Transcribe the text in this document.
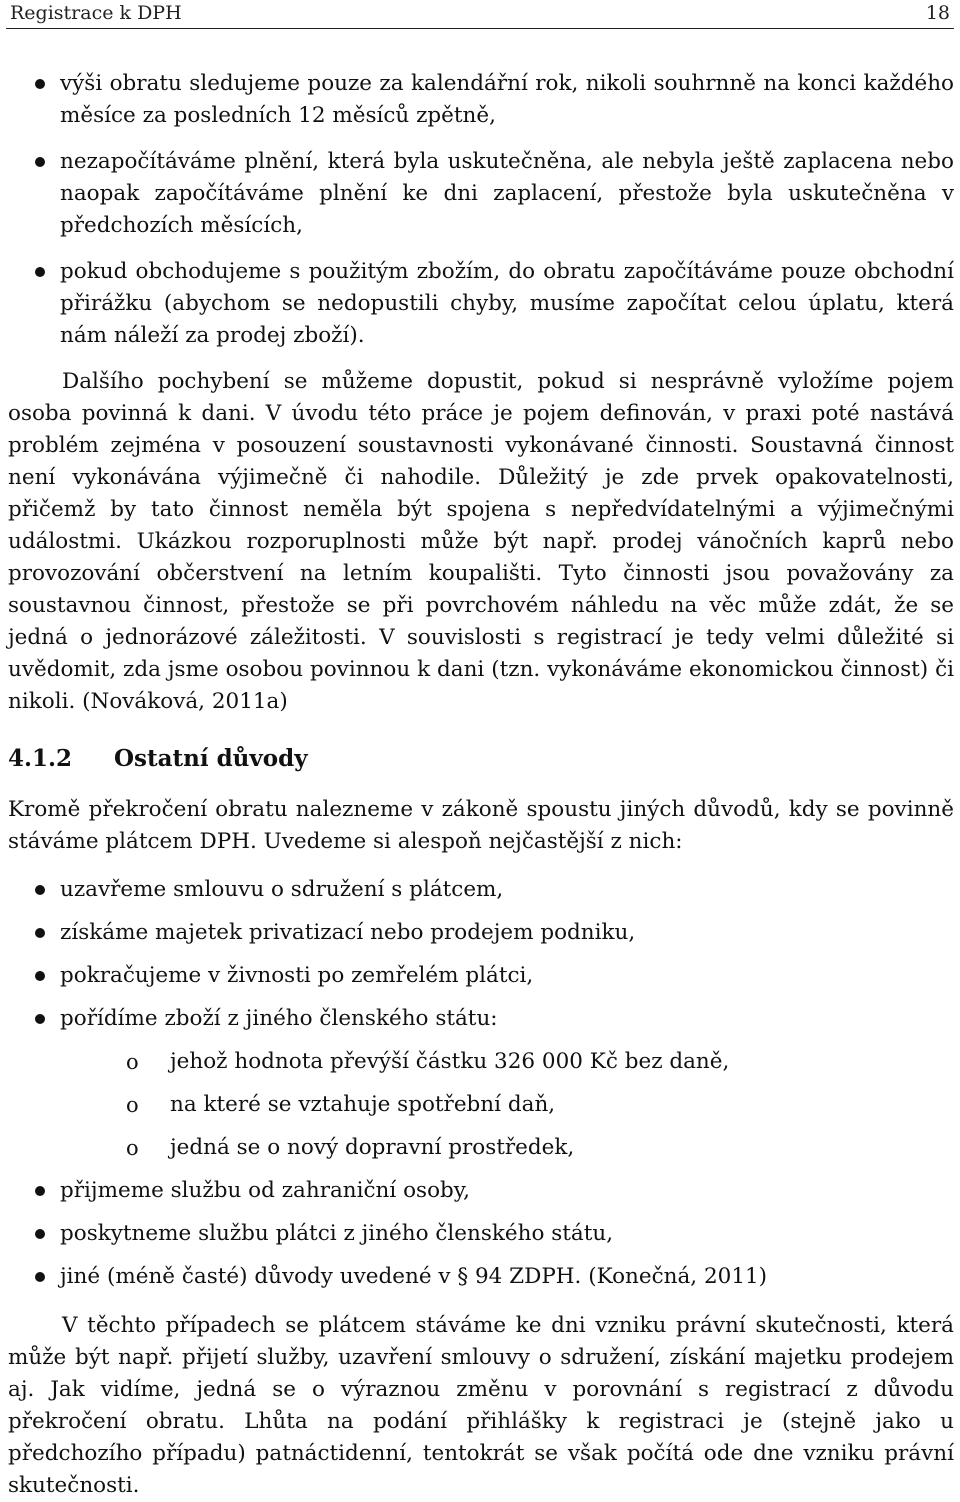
Registrace k DPH	18
výši obratu sledujeme pouze za kalendářní rok, nikoli souhrnně na konci každého měsíce za posledních 12 měsíců zpětně,
nezapočítáváme plnění, která byla uskutečněna, ale nebyla ještě zaplacena nebo naopak započítáváme plnění ke dni zaplacení, přestože byla uskutečněna v předchozích měsících,
pokud obchodujeme s použitým zbožím, do obratu započítáváme pouze obchodní přirážku (abychom se nedopustili chyby, musíme započítat celou úplatu, která nám náleží za prodej zboží).

Dalšího pochybení se můžeme dopustit, pokud si nesprávně vyložíme pojem osoba povinná k dani. V úvodu této práce je pojem definován, v praxi poté nastává problém zejména v posouzení soustavnosti vykonávané činnosti. Soustavná činnost není vykonávána výjimečně či nahodile. Důležitý je zde prvek opakovatelnosti, přičemž by tato činnost neměla být spojena s nepředvídatelnými a výjimečnými událostmi. Ukázkou rozporuplnosti může být např. prodej vánočních kaprů nebo provozování občerstvení na letním koupališti. Tyto činnosti jsou považovány za soustavnou činnost, přestože se při povrchovém náhledu na věc může zdát, že se jedná o jednorázové záležitosti. V souvislosti s registrací je tedy velmi důležité si uvědomit, zda jsme osobou povinnou k dani (tzn. vykonáváme ekonomickou činnost) či nikoli. (Nováková, 2011a)

4.1.2	Ostatní důvody

Kromě překročení obratu nalezneme v zákoně spoustu jiných důvodů, kdy se povinně stáváme plátcem DPH. Uvedeme si alespoň nejčastější z nich:

uzavřeme smlouvu o sdružení s plátcem,
získáme majetek privatizací nebo prodejem podniku,
pokračujeme v živnosti po zemřelém plátci,
pořídíme zboží z jiného členského státu:
o jehož hodnota převýší částku 326 000 Kč bez daně,
o na které se vztahuje spotřební daň,
o jedná se o nový dopravní prostředek,
přijmeme službu od zahraniční osoby,
poskytneme službu plátci z jiného členského státu,
jiné (méně časté) důvody uvedené v § 94 ZDPH. (Konečná, 2011)

V těchto případech se plátcem stáváme ke dni vzniku právní skutečnosti, která může být např. přijetí služby, uzavření smlouvy o sdružení, získání majetku prodejem aj. Jak vidíme, jedná se o výraznou změnu v porovnání s registrací z důvodu překročení obratu. Lhůta na podání přihlášky k registraci je (stejně jako u předchozího případu) patnáctidenní, tentokrát se však počítá ode dne vzniku právní skutečnosti.
